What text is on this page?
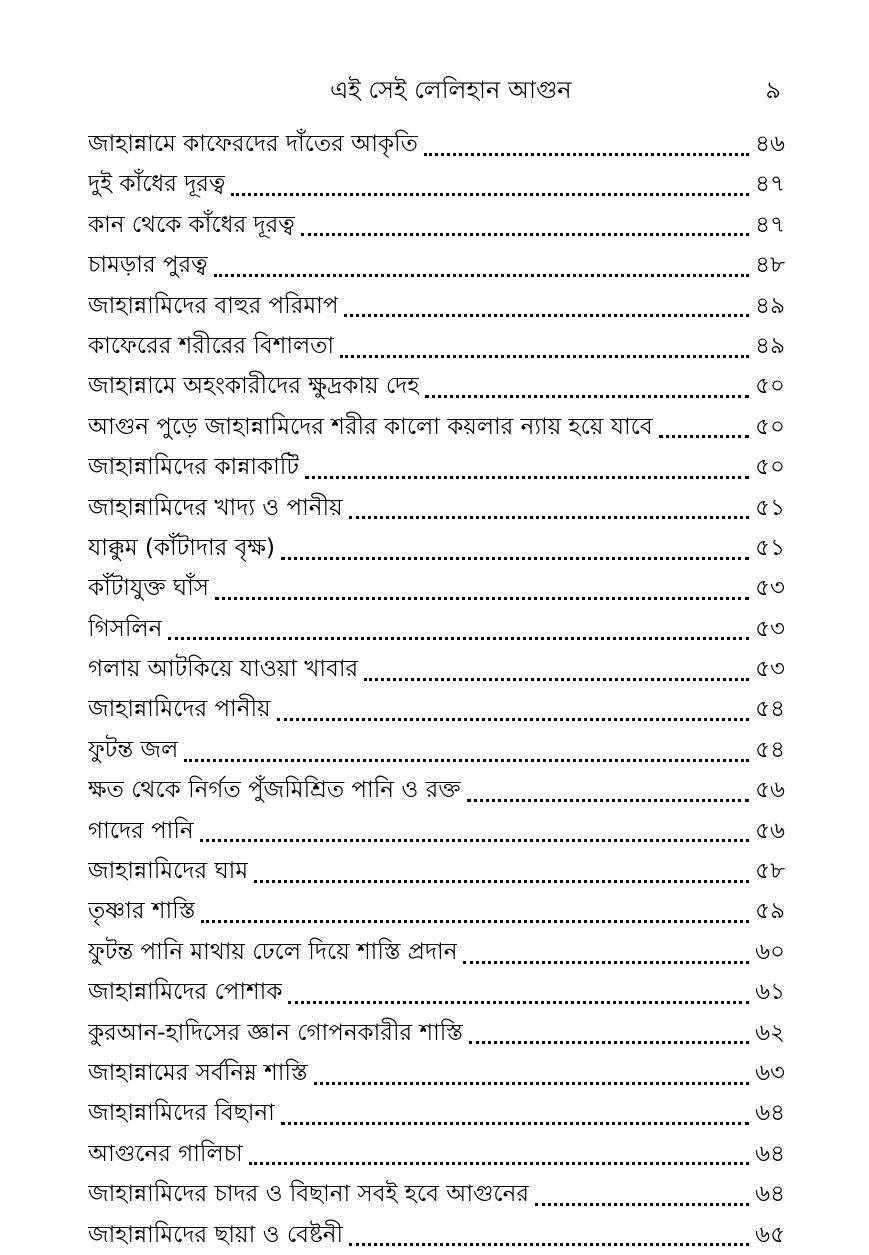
এই সেই লেলিহান আগুন	৯
জাহান্নামে কাফেরদের দাঁতের আকৃতি	৪৬
দুই কাঁধের দূরত্ব	৪৭
কান থেকে কাঁধের দূরত্ব	৪৭
চামড়ার পুরত্ব	৪৮
জাহান্নামিদের বাহুর পরিমাপ	৪৯
কাফেরের শরীরের বিশালতা	৪৯
জাহান্নামে অহংকারীদের ক্ষুদ্রকায় দেহ	৫০
আগুন পুড়ে জাহান্নামিদের শরীর কালো কয়লার ন্যায় হয়ে যাবে	৫০
জাহান্নামিদের কান্নাকাটি	৫০
জাহান্নামিদের খাদ্য ও পানীয়	৫১
যাক্কুম (কাঁটাদার বৃক্ষ)	৫১
কাঁটাযুক্ত ঘাঁস	৫৩
গিসলিন	৫৩
গলায় আটকিয়ে যাওয়া খাবার	৫৩
জাহান্নামিদের পানীয়	৫৪
ফুটন্ত জল	৫৪
ক্ষত থেকে নির্গত পুঁজমিশ্রিত পানি ও রক্ত	৫৬
গাদের পানি	৫৬
জাহান্নামিদের ঘাম	৫৮
তৃষ্ণার শাস্তি	৫৯
ফুটন্ত পানি মাথায় ঢেলে দিয়ে শাস্তি প্রদান	৬০
জাহান্নামিদের পোশাক	৬১
কুরআন-হাদিসের জ্ঞান গোপনকারীর শাস্তি	৬২
জাহান্নামের সর্বনিম্ন শাস্তি	৬৩
জাহান্নামিদের বিছানা	৬৪
আগুনের গালিচা	৬৪
জাহান্নামিদের চাদর ও বিছানা সবই হবে আগুনের	৬৪
জাহান্নামিদের ছায়া ও বেষ্টনী	৬৫
